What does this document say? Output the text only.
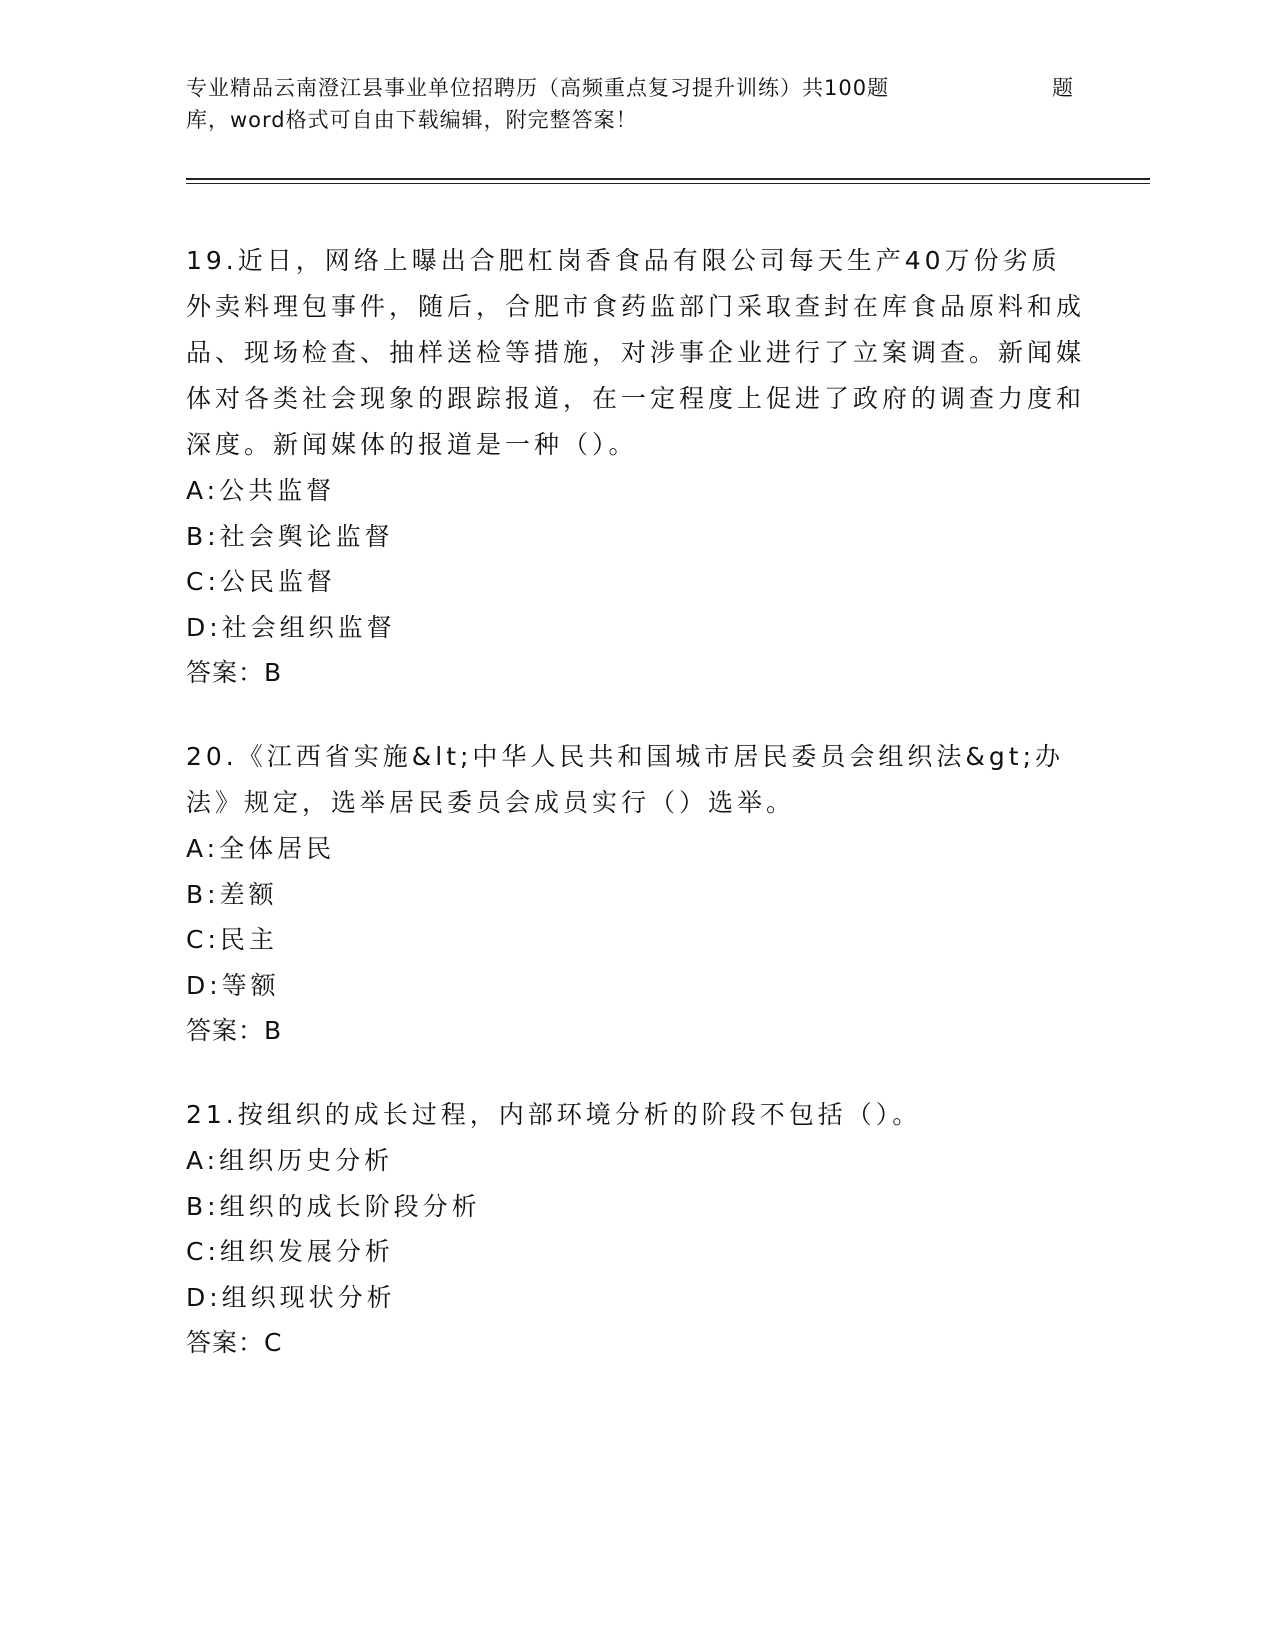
专业精品云南澄江县事业单位招聘历（高频重点复习提升训练）共100题	题
库，word格式可自由下载编辑，附完整答案！

19.近日，网络上曝出合肥杠岗香食品有限公司每天生产40万份劣质外卖料理包事件，随后，合肥市食药监部门采取查封在库食品原料和成品、现场检查、抽样送检等措施，对涉事企业进行了立案调查。新闻媒体对各类社会现象的跟踪报道，在一定程度上促进了政府的调查力度和深度。新闻媒体的报道是一种（）。

A:公共监督

B:社会舆论监督

C:公民监督

D:社会组织监督

答案：B

20.《江西省实施&lt;中华人民共和国城市居民委员会组织法&gt;办法》规定，选举居民委员会成员实行（）选举。

A:全体居民

B:差额

C:民主

D:等额

答案：B

21.按组织的成长过程，内部环境分析的阶段不包括（）。

A:组织历史分析

B:组织的成长阶段分析

C:组织发展分析

D:组织现状分析

答案：C
